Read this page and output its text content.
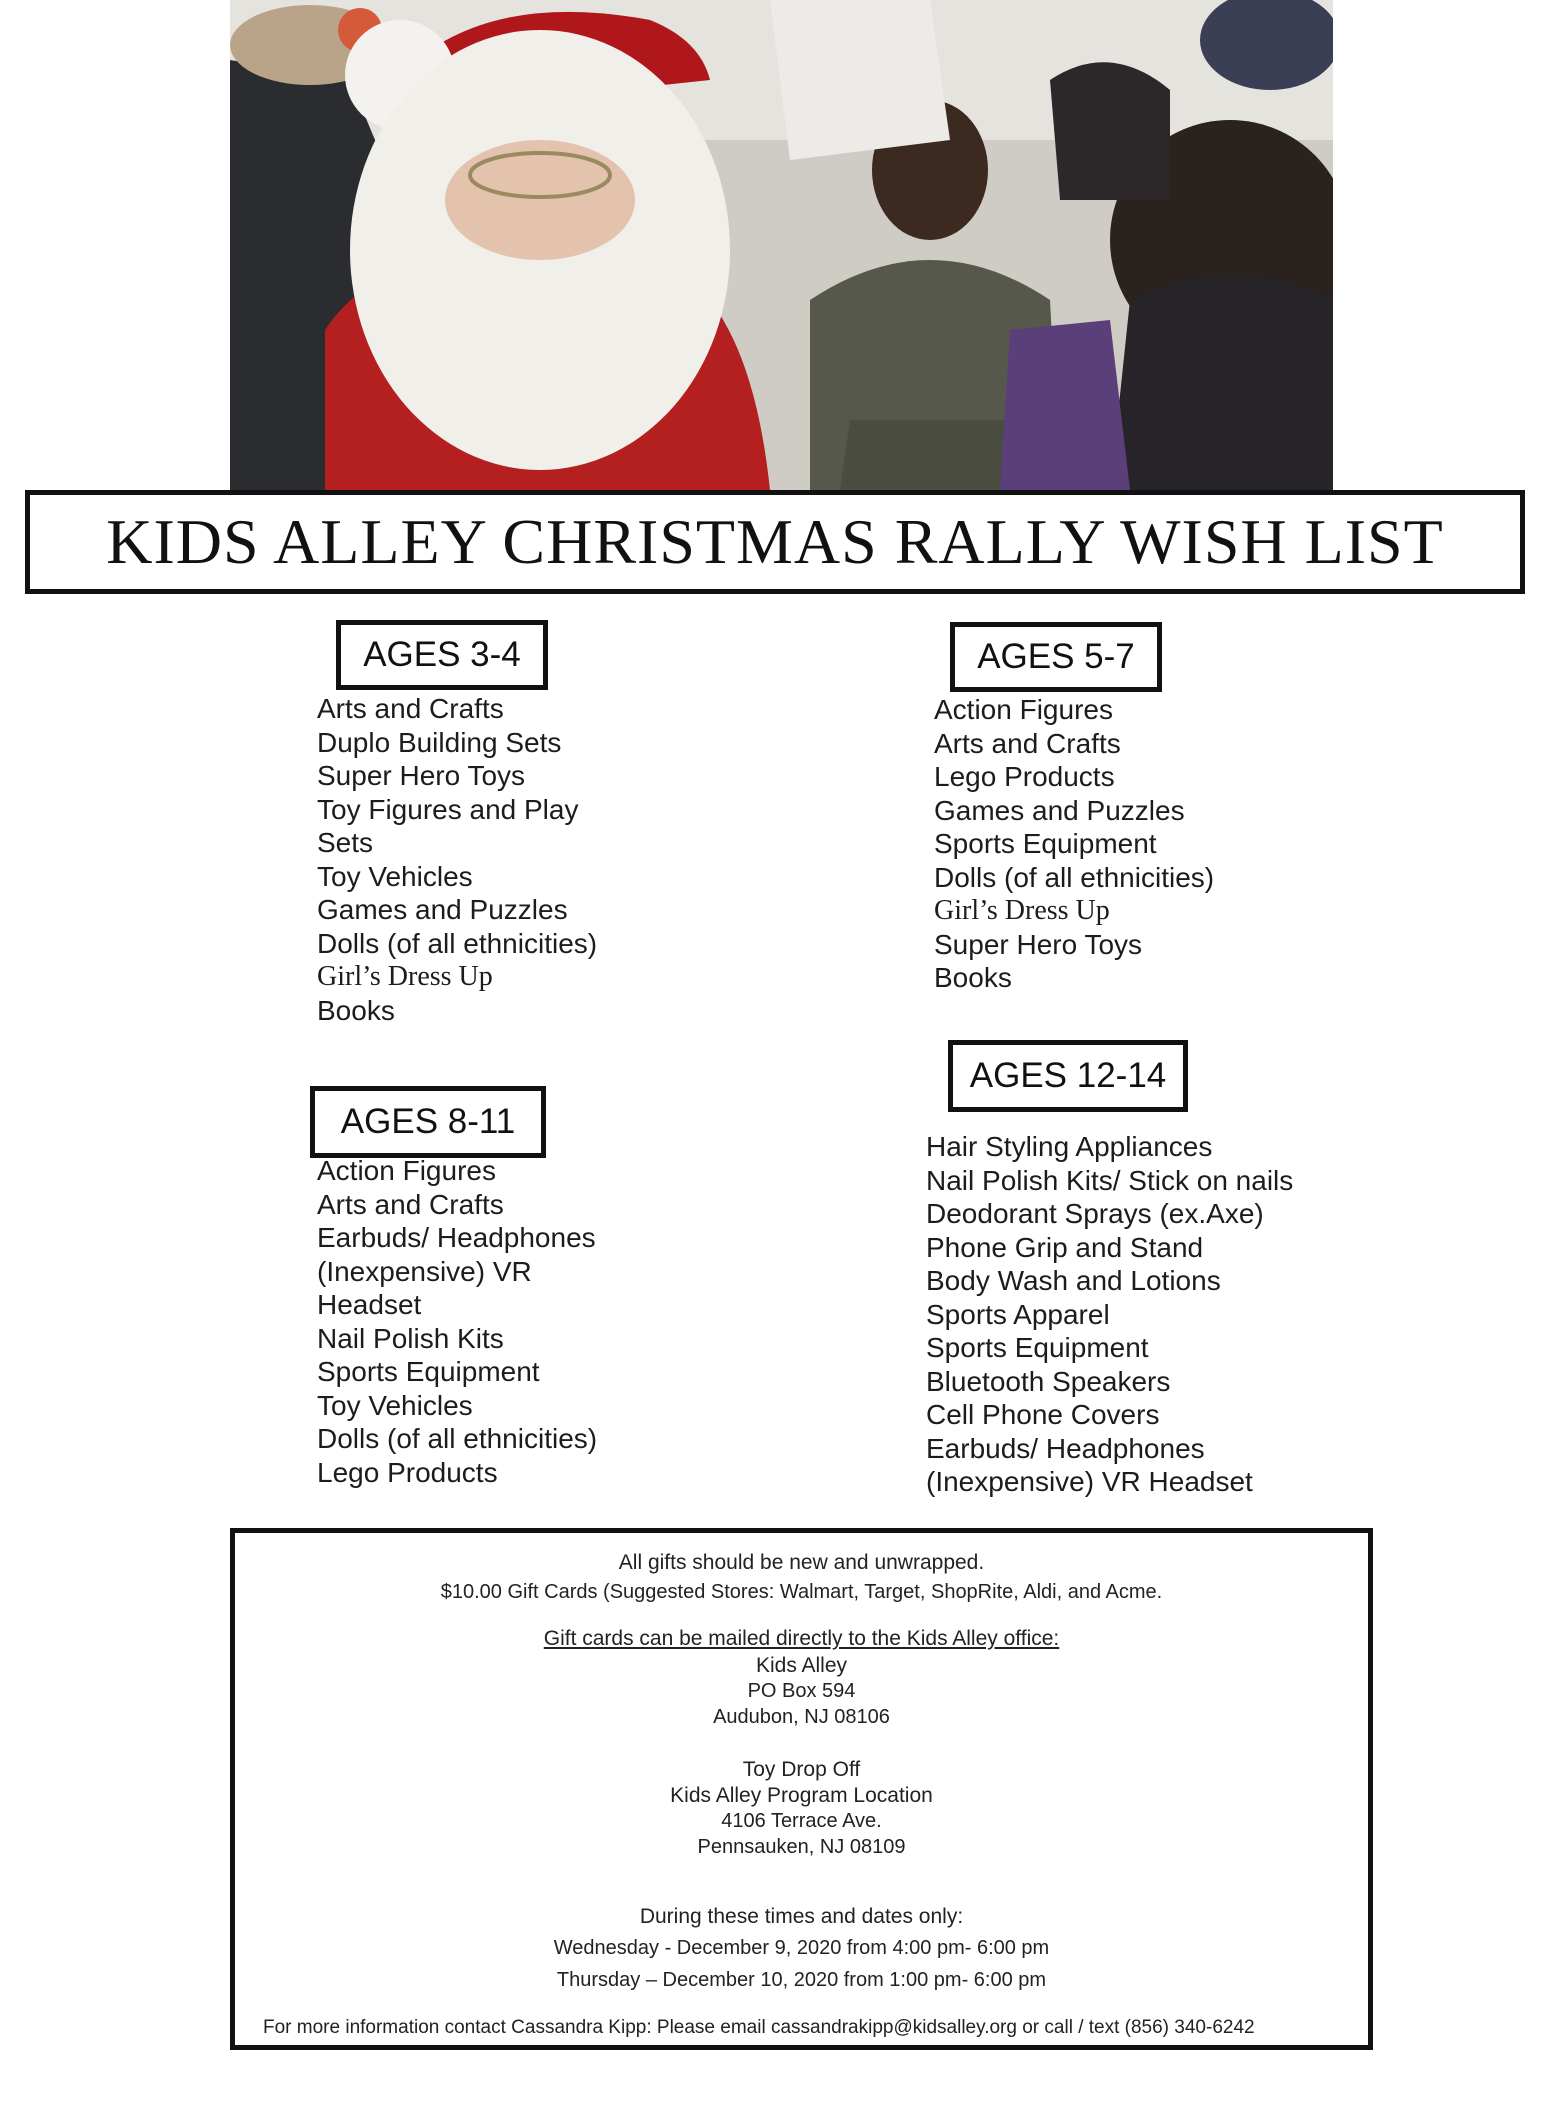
KIDS ALLEY CHRISTMAS RALLY WISH LIST
AGES 3-4
Arts and Crafts
Duplo Building Sets
Super Hero Toys
Toy Figures and Play
Sets
Toy Vehicles
Games and Puzzles
Dolls (of all ethnicities)
Girl’s Dress Up
Books
AGES 5-7
Action Figures
Arts and Crafts
Lego Products
Games and Puzzles
Sports Equipment
Dolls (of all ethnicities)
Girl’s Dress Up
Super Hero Toys
Books
AGES 8-11
Action Figures
Arts and Crafts
Earbuds/ Headphones
(Inexpensive) VR
Headset
Nail Polish Kits
Sports Equipment
Toy Vehicles
Dolls (of all ethnicities)
Lego Products
AGES 12-14
Hair Styling Appliances
Nail Polish Kits/ Stick on nails
Deodorant Sprays (ex.Axe)
Phone Grip and Stand
Body Wash and Lotions
Sports Apparel
Sports Equipment
Bluetooth Speakers
Cell Phone Covers
Earbuds/ Headphones
(Inexpensive) VR Headset
All gifts should be new and unwrapped.
$10.00 Gift Cards (Suggested Stores: Walmart, Target, ShopRite, Aldi, and Acme.
Gift cards can be mailed directly to the Kids Alley office:
Kids Alley
PO Box 594
Audubon, NJ 08106
Toy Drop Off
Kids Alley Program Location
4106 Terrace Ave.
Pennsauken, NJ 08109
During these times and dates only:
Wednesday - December 9, 2020 from 4:00 pm- 6:00 pm
Thursday – December 10, 2020 from 1:00 pm- 6:00 pm
For more information contact Cassandra Kipp: Please email cassandrakipp@kidsalley.org or call / text (856) 340-6242
